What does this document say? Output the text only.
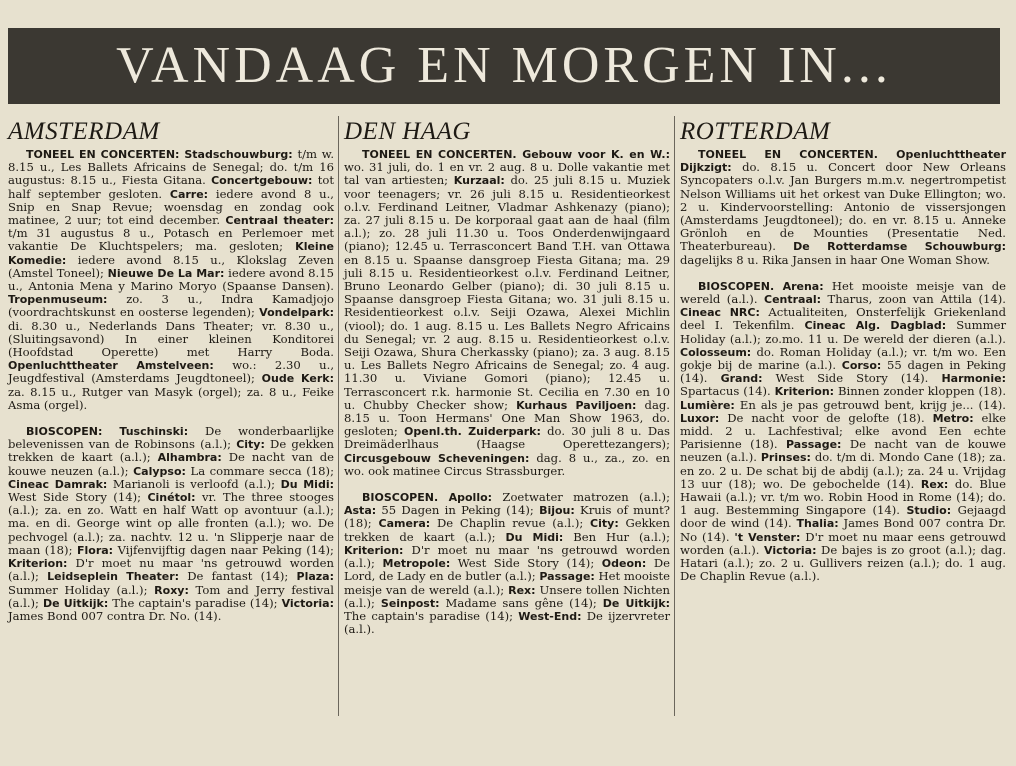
VANDAAG EN MORGEN IN...
AMSTERDAM

TONEEL EN CONCERTEN: Stadschouwburg: t/m w. 8.15 u., Les Ballets Africains de Senegal; do. t/m 16 augustus: 8.15 u., Fiesta Gitana. Concertgebouw: tot half september gesloten. Carre: iedere avond 8 u., Snip en Snap Revue; woensdag en zondag ook matinee, 2 uur; tot eind december. Centraal theater: t/m 31 augustus 8 u., Potasch en Perlemoer met vakantie De Kluchtspelers; ma. gesloten; Kleine Komedie: iedere avond 8.15 u., Klokslag Zeven (Amstel Toneel); Nieuwe De La Mar: iedere avond 8.15 u., Antonia Mena y Marino Moryo (Spaanse Dansen). Tropenmuseum: zo. 3 u., Indra Kamadjojo (voordrachtskunst en oosterse legenden); Vondelpark: di. 8.30 u., Nederlands Dans Theater; vr. 8.30 u., (Sluitingsavond) In einer kleinen Konditorei (Hoofdstad Operette) met Harry Boda. Openluchttheater Amstelveen: wo.: 2.30 u., Jeugdfestival (Amsterdams Jeugdtoneel); Oude Kerk: za. 8.15 u., Rutger van Masyk (orgel); za. 8 u., Feike Asma (orgel).

BIOSCOPEN: Tuschinski: De wonderbaarlijke belevenissen van de Robinsons (a.l.); City: De gekken trekken de kaart (a.l.); Alhambra: De nacht van de kouwe neuzen (a.l.); Calypso: La commare secca (18); Cineac Damrak: Marianoli is verloofd (a.l.); Du Midi: West Side Story (14); Cinétol: vr. The three stooges (a.l.); za. en zo. Watt en half Watt op avontuur (a.l.); ma. en di. George wint op alle fronten (a.l.); wo. De pechvogel (a.l.); za. nachtv. 12 u. 'n Slipperje naar de maan (18); Flora: Vijfenvijftig dagen naar Peking (14); Kriterion: D'r moet nu maar 'ns getrouwd worden (a.l.); Leidseplein Theater: De fantast (14); Plaza: Summer Holiday (a.l.); Roxy: Tom and Jerry festival (a.l.); De Uitkijk: The captain's paradise (14); Victoria: James Bond 007 contra Dr. No. (14).

DEN HAAG

TONEEL EN CONCERTEN. Gebouw voor K. en W.: wo. 31 juli, do. 1 en vr. 2 aug. 8 u. Dolle vakantie met tal van artiesten; Kurzaal: do. 25 juli 8.15 u. Muziek voor teenagers; vr. 26 juli 8.15 u. Residentieorkest o.l.v. Ferdinand Leitner, Vladmar Ashkenazy (piano); za. 27 juli 8.15 u. De korporaal gaat aan de haal (film a.l.); zo. 28 juli 11.30 u. Toos Onderdenwijngaard (piano); 12.45 u. Terrasconcert Band T.H. van Ottawa en 8.15 u. Spaanse dansgroep Fiesta Gitana; ma. 29 juli 8.15 u. Residentieorkest o.l.v. Ferdinand Leitner, Bruno Leonardo Gelber (piano); di. 30 juli 8.15 u. Spaanse dansgroep Fiesta Gitana; wo. 31 juli 8.15 u. Residentieorkest o.l.v. Seiji Ozawa, Alexei Michlin (viool); do. 1 aug. 8.15 u. Les Ballets Negro Africains du Senegal; vr. 2 aug. 8.15 u. Residentieorkest o.l.v. Seiji Ozawa, Shura Cherkassky (piano); za. 3 aug. 8.15 u. Les Ballets Negro Africains de Senegal; zo. 4 aug. 11.30 u. Viviane Gomori (piano); 12.45 u. Terrasconcert r.k. harmonie St. Cecilia en 7.30 en 10 u. Chubby Checker show; Kurhaus Paviljoen: dag. 8.15 u. Toon Hermans' One Man Show 1963, do. gesloten; Openl.th. Zuiderpark: do. 30 juli 8 u. Das Dreimäderlhaus (Haagse Operettezangers); Circusgebouw Scheveningen: dag. 8 u., za., zo. en wo. ook matinee Circus Strassburger.

BIOSCOPEN. Apollo: Zoetwater matrozen (a.l.); Asta: 55 Dagen in Peking (14); Bijou: Kruis of munt? (18); Camera: De Chaplin revue (a.l.); City: Gekken trekken de kaart (a.l.); Du Midi: Ben Hur (a.l.); Kriterion: D'r moet nu maar 'ns getrouwd worden (a.l.); Metropole: West Side Story (14); Odeon: De Lord, de Lady en de butler (a.l.); Passage: Het mooiste meisje van de wereld (a.l.); Rex: Unsere tollen Nichten (a.l.); Seinpost: Madame sans gêne (14); De Uitkijk: The captain's paradise (14); West-End: De ijzervreter (a.l.).

ROTTERDAM

TONEEL EN CONCERTEN. Openluchttheater Dijkzigt: do. 8.15 u. Concert door New Orleans Syncopaters o.l.v. Jan Burgers m.m.v. negertrompetist Nelson Williams uit het orkest van Duke Ellington; wo. 2 u. Kindervoorstelling: Antonio de vissersjongen (Amsterdams Jeugdtoneel); do. en vr. 8.15 u. Anneke Grönloh en de Mounties (Presentatie Ned. Theaterbureau). De Rotterdamse Schouwburg: dagelijks 8 u. Rika Jansen in haar One Woman Show.

BIOSCOPEN. Arena: Het mooiste meisje van de wereld (a.l.). Centraal: Tharus, zoon van Attila (14). Cineac NRC: Actualiteiten, Onsterfelijk Griekenland deel I. Tekenfilm. Cineac Alg. Dagblad: Summer Holiday (a.l.); zo.mo. 11 u. De wereld der dieren (a.l.). Colosseum: do. Roman Holiday (a.l.); vr. t/m wo. Een gokje bij de marine (a.l.). Corso: 55 dagen in Peking (14). Grand: West Side Story (14). Harmonie: Spartacus (14). Kriterion: Binnen zonder kloppen (18). Lumière: En als je pas getrouwd bent, krijg je... (14). Luxor: De nacht voor de gelofte (18). Metro: elke midd. 2 u. Lachfestival; elke avond Een echte Parisienne (18). Passage: De nacht van de kouwe neuzen (a.l.). Prinses: do. t/m di. Mondo Cane (18); za. en zo. 2 u. De schat bij de abdij (a.l.); za. 24 u. Vrijdag 13 uur (18); wo. De gebochelde (14). Rex: do. Blue Hawaii (a.l.); vr. t/m wo. Robin Hood in Rome (14); do. 1 aug. Bestemming Singapore (14). Studio: Gejaagd door de wind (14). Thalia: James Bond 007 contra Dr. No (14). 't Venster: D'r moet nu maar eens getrouwd worden (a.l.). Victoria: De bajes is zo groot (a.l.); dag. Hatari (a.l.); zo. 2 u. Gullivers reizen (a.l.); do. 1 aug. De Chaplin Revue (a.l.).
